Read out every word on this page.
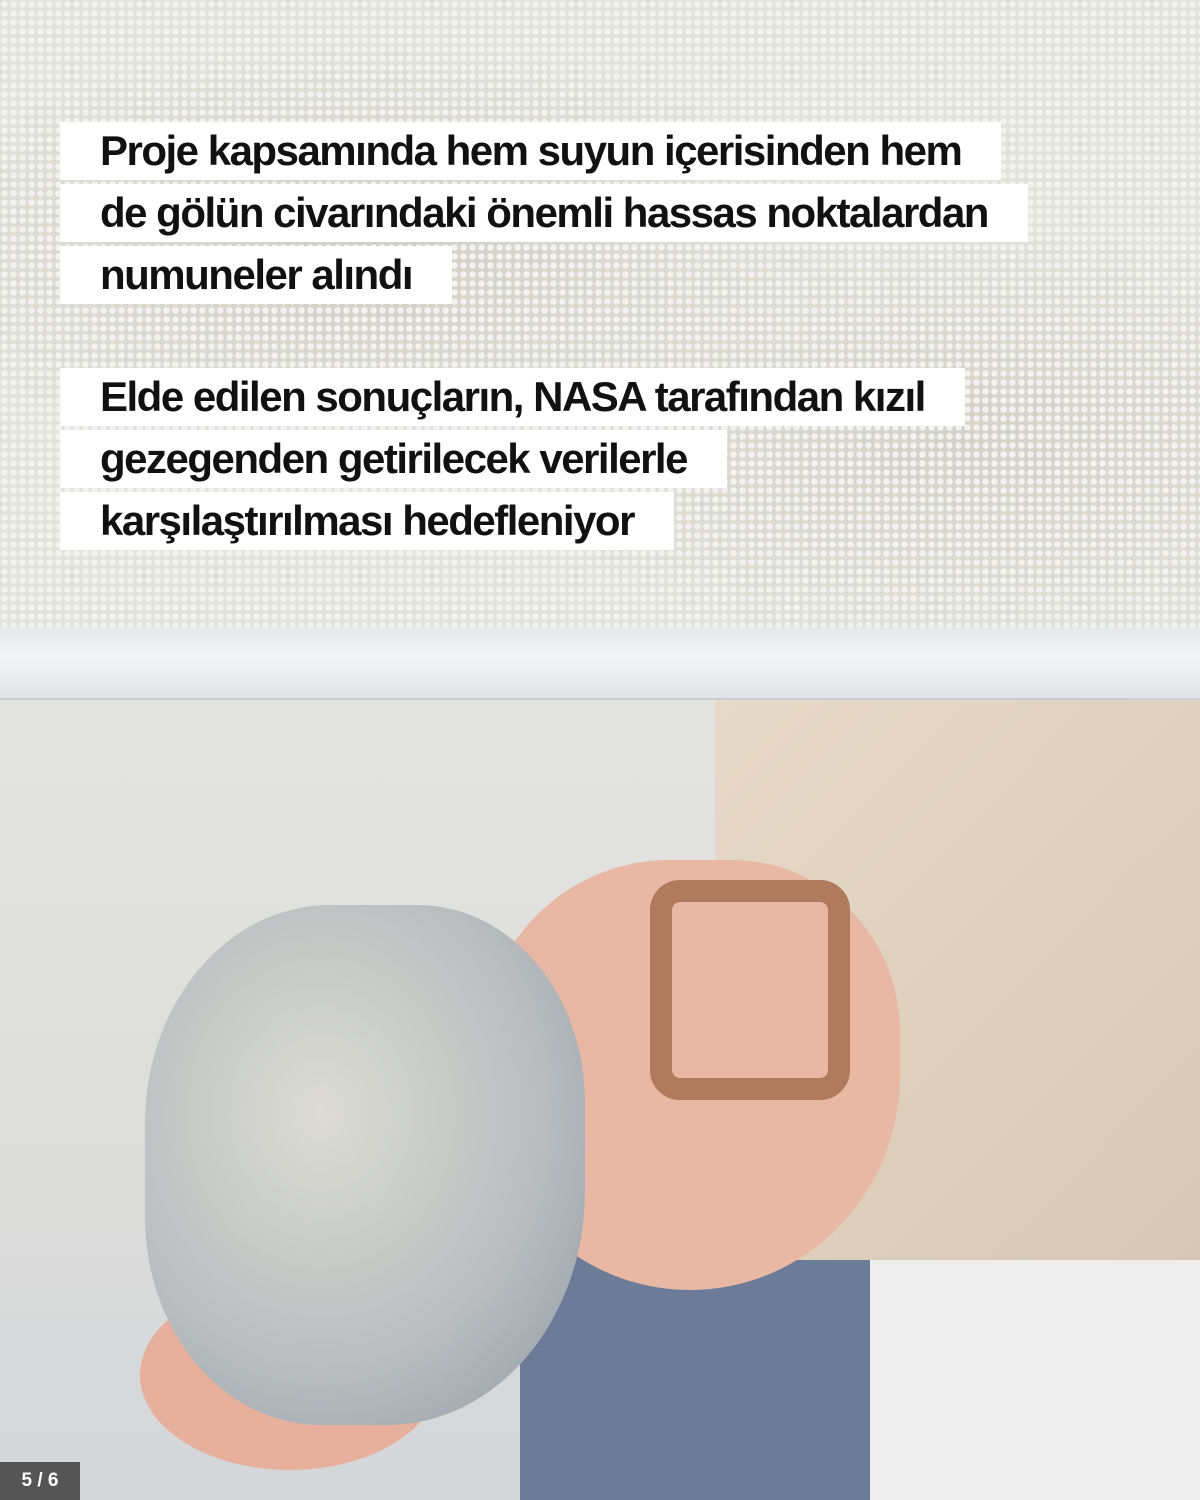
Proje kapsamında hem suyun içerisinden hem
de gölün civarındaki önemli hassas noktalardan
numuneler alındı
Elde edilen sonuçların, NASA tarafından kızıl
gezegenden getirilecek verilerle
karşılaştırılması hedefleniyor
5 / 6
